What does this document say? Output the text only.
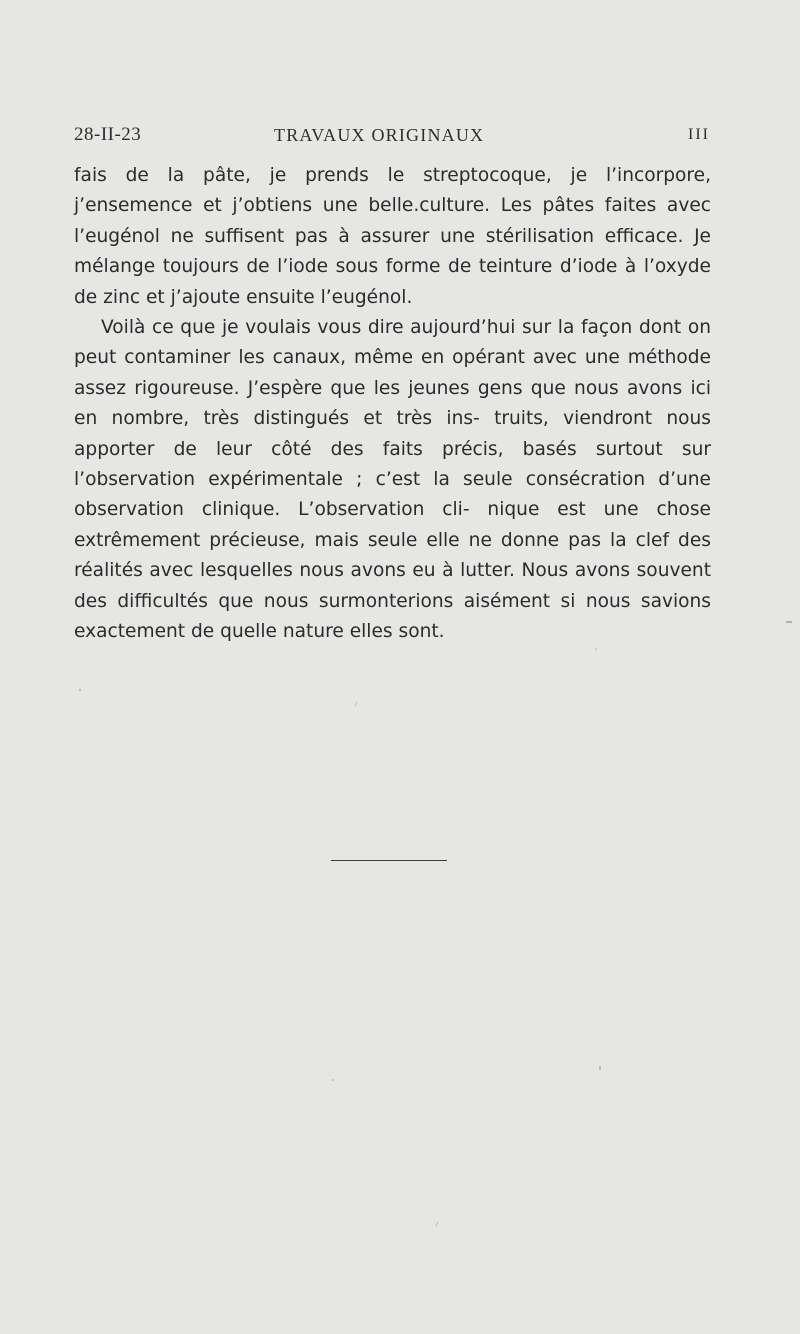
28-II-23	TRAVAUX ORIGINAUX	III

fais de la pâte, je prends le streptocoque, je l’incorpore, j’ensemence et j’obtiens une belle.culture. Les pâtes faites avec l’eugénol ne suffisent pas à assurer une stérilisation efficace. Je mélange toujours de l’iode sous forme de teinture d’iode à l’oxyde de zinc et j’ajoute ensuite l’eugénol.

Voilà ce que je voulais vous dire aujourd’hui sur la façon dont on peut contaminer les canaux, même en opérant avec une méthode assez rigoureuse. J’espère que les jeunes gens que nous avons ici en nombre, très distingués et très ins- truits, viendront nous apporter de leur côté des faits précis, basés surtout sur l’observation expérimentale ; c’est la seule consécration d’une observation clinique. L’observation cli- nique est une chose extrêmement précieuse, mais seule elle ne donne pas la clef des réalités avec lesquelles nous avons eu à lutter. Nous avons souvent des difficultés que nous surmonterions aisément si nous savions exactement de quelle nature elles sont.
